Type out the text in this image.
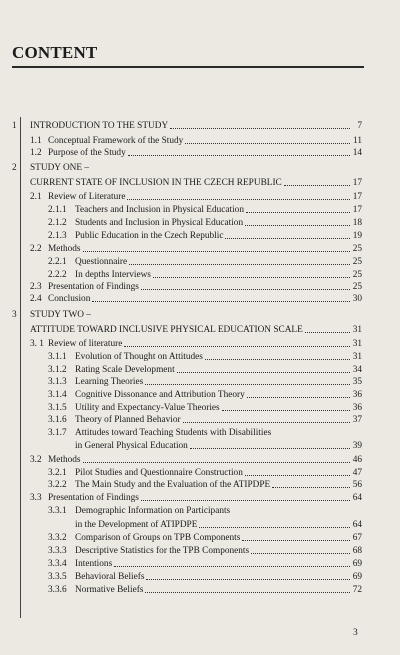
CONTENT
1	INTRODUCTION TO THE STUDY	7
1.1 Conceptual Framework of the Study	11
1.2 Purpose of the Study	14
2	STUDY ONE –
CURRENT STATE OF INCLUSION IN THE CZECH REPUBLIC	17
2.1 Review of Literature	17
2.1.1 Teachers and Inclusion in Physical Education	17
2.1.2 Students and Inclusion in Physical Education	18
2.1.3 Public Education in the Czech Republic	19
2.2 Methods	25
2.2.1 Questionnaire	25
2.2.2 In depths Interviews	25
2.3 Presentation of Findings	25
2.4 Conclusion	30
3	STUDY TWO –
ATTITUDE TOWARD INCLUSIVE PHYSICAL EDUCATION SCALE	31
3. 1 Review of literature	31
3.1.1 Evolution of Thought on Attitudes	31
3.1.2 Rating Scale Development	34
3.1.3 Learning Theories	35
3.1.4 Cognitive Dissonance and Attribution Theory	36
3.1.5 Utility and Expectancy-Value Theories	36
3.1.6 Theory of Planned Behavior	37
3.1.7 Attitudes toward Teaching Students with Disabilities
in General Physical Education	39
3.2 Methods	46
3.2.1 Pilot Studies and Questionnaire Construction	47
3.2.2 The Main Study and the Evaluation of the ATIPDPE	56
3.3 Presentation of Findings	64
3.3.1 Demographic Information on Participants
in the Development of ATIPDPE	64
3.3.2 Comparison of Groups on TPB Components	67
3.3.3 Descriptive Statistics for the TPB Components	68
3.3.4 Intentions	69
3.3.5 Behavioral Beliefs	69
3.3.6 Normative Beliefs	72
3
